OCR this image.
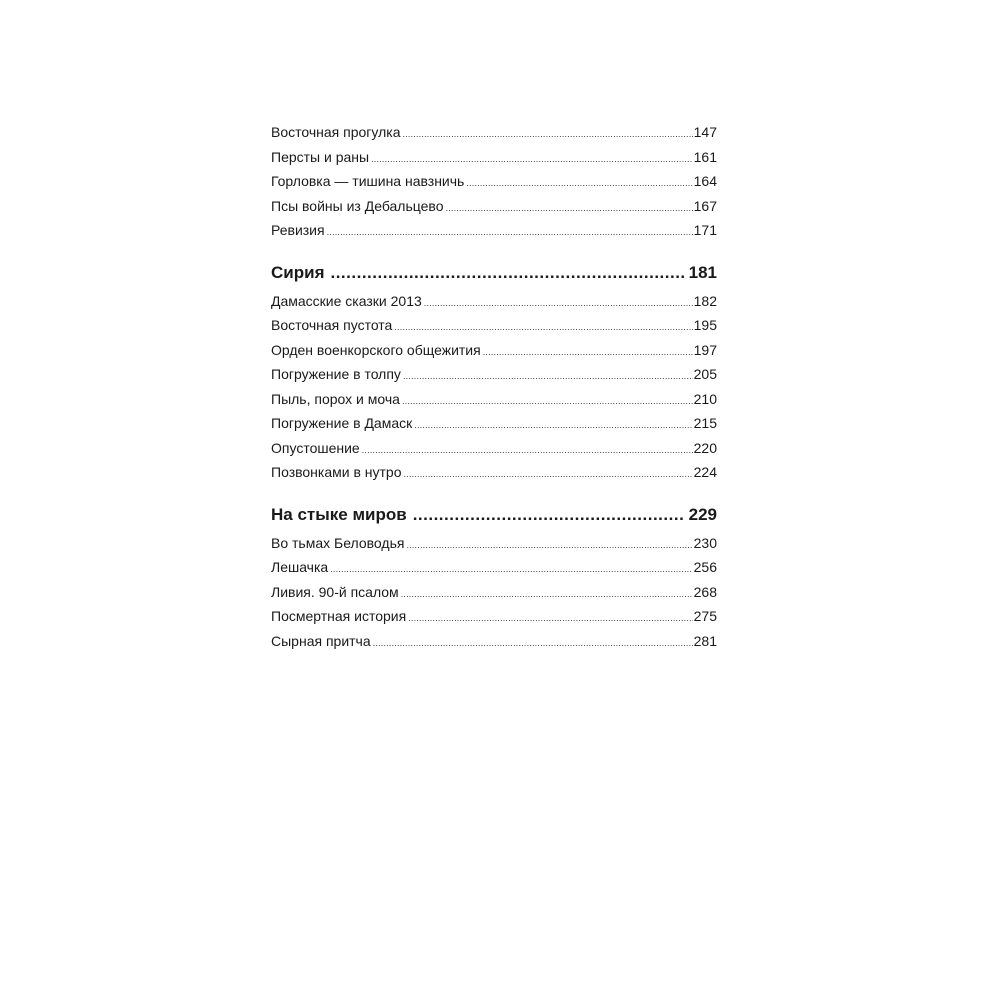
Восточная прогулка .....	147
Персты и раны .....	161
Горловка — тишина навзничь .....	164
Псы войны из Дебальцево .....	167
Ревизия .....	171
Сирия .....	181
Дамасские сказки 2013 .....	182
Восточная пустота .....	195
Орден военкорского общежития .....	197
Погружение в толпу .....	205
Пыль, порох и моча .....	210
Погружение в Дамаск .....	215
Опустошение .....	220
Позвонками в нутро .....	224
На стыке миров .....	229
Во тьмах Беловодья .....	230
Лешачка .....	256
Ливия. 90-й псалом .....	268
Посмертная история .....	275
Сырная притча .....	281
